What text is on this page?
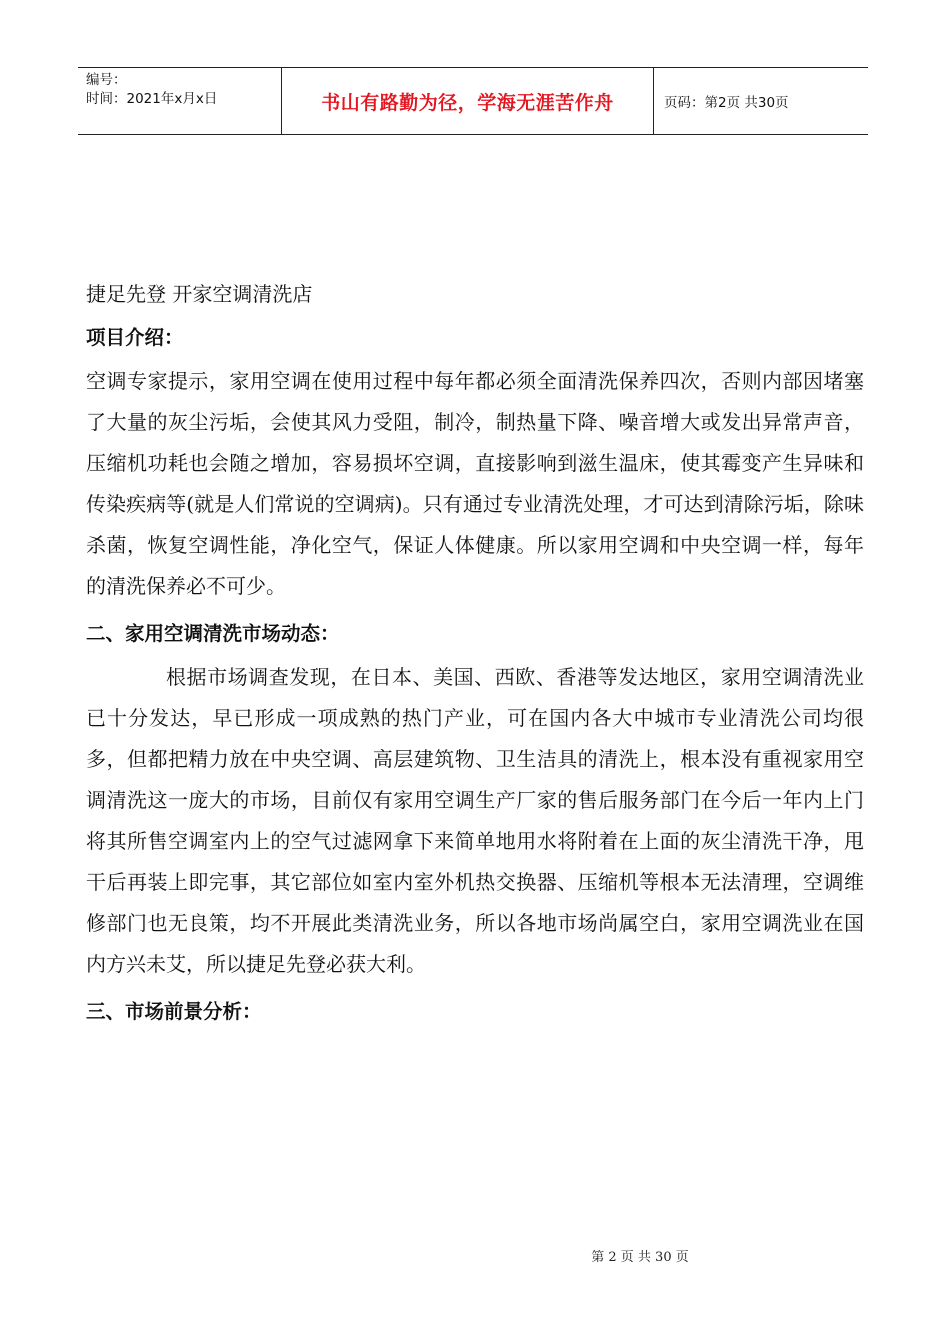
编号：
时间：2021年x月x日	书山有路勤为径，学海无涯苦作舟	页码：第2页 共30页

捷足先登 开家空调清洗店

项目介绍：

空调专家提示，家用空调在使用过程中每年都必须全面清洗保养四次，否则内部因堵塞了大量的灰尘污垢，会使其风力受阻，制冷，制热量下降、噪音增大或发出异常声音，压缩机功耗也会随之增加，容易损坏空调，直接影响到滋生温床，使其霉变产生异味和传染疾病等(就是人们常说的空调病)。只有通过专业清洗处理，才可达到清除污垢，除味杀菌，恢复空调性能，净化空气，保证人体健康。所以家用空调和中央空调一样，每年的清洗保养必不可少。

二、家用空调清洗市场动态：

根据市场调查发现，在日本、美国、西欧、香港等发达地区，家用空调清洗业已十分发达，早已形成一项成熟的热门产业，可在国内各大中城市专业清洗公司均很多，但都把精力放在中央空调、高层建筑物、卫生洁具的清洗上，根本没有重视家用空调清洗这一庞大的市场，目前仅有家用空调生产厂家的售后服务部门在今后一年内上门将其所售空调室内上的空气过滤网拿下来简单地用水将附着在上面的灰尘清洗干净，甩干后再装上即完事，其它部位如室内室外机热交换器、压缩机等根本无法清理，空调维修部门也无良策，均不开展此类清洗业务，所以各地市场尚属空白，家用空调洗业在国内方兴未艾，所以捷足先登必获大利。

三、市场前景分析：
第 2 页 共 30 页
